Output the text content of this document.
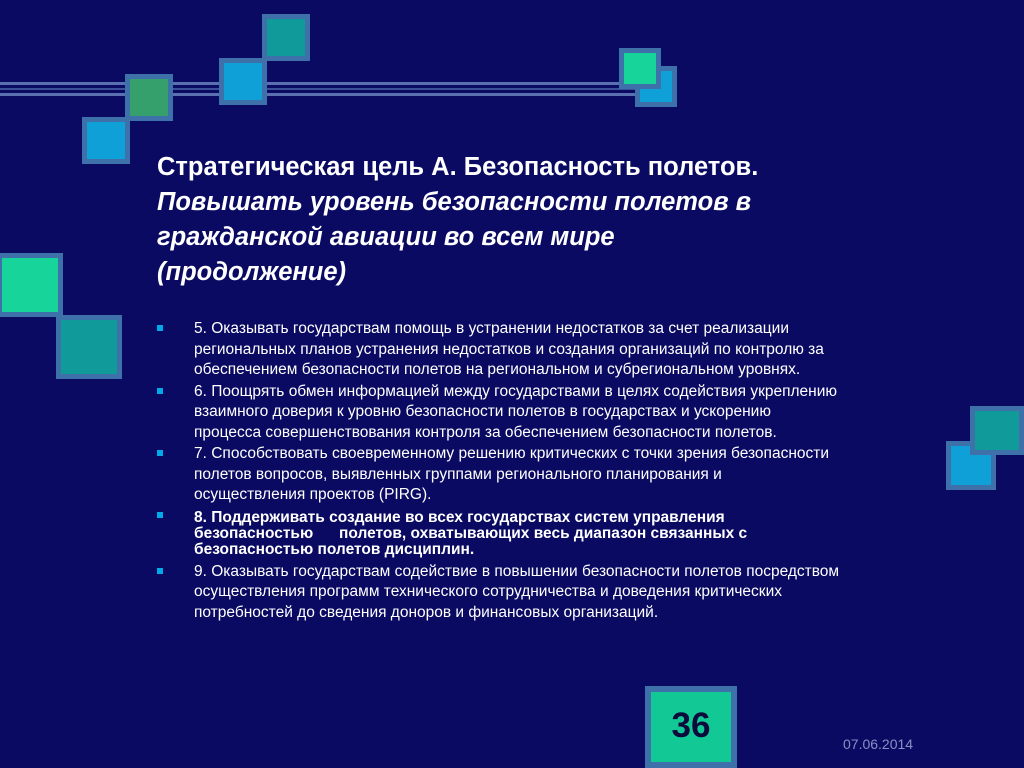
Стратегическая цель А. Безопасность полетов.
Повышать уровень безопасности полетов в
гражданской авиации во всем мире
(продолжение)
5. Оказывать государствам помощь в устранении недостатков за счет реализации
региональных планов устранения недостатков и создания организаций по контролю за
обеспечением безопасности полетов на региональном и субрегиональном уровнях.
6. Поощрять обмен информацией между государствами в целях содействия укреплению
взаимного доверия к уровню безопасности полетов в государствах и ускорению
процесса совершенствования контроля за обеспечением безопасности полетов.
7. Способствовать своевременному решению критических с точки зрения безопасности
полетов вопросов, выявленных группами регионального планирования и
осуществления проектов (PIRG).
8. Поддерживать создание во всех государствах систем управления
безопасностью      полетов, охватывающих весь диапазон связанных с
безопасностью полетов дисциплин.
9. Оказывать государствам содействие в повышении безопасности полетов посредством
осуществления программ технического сотрудничества и доведения критических
потребностей до сведения доноров и финансовых организаций.
36	07.06.2014
